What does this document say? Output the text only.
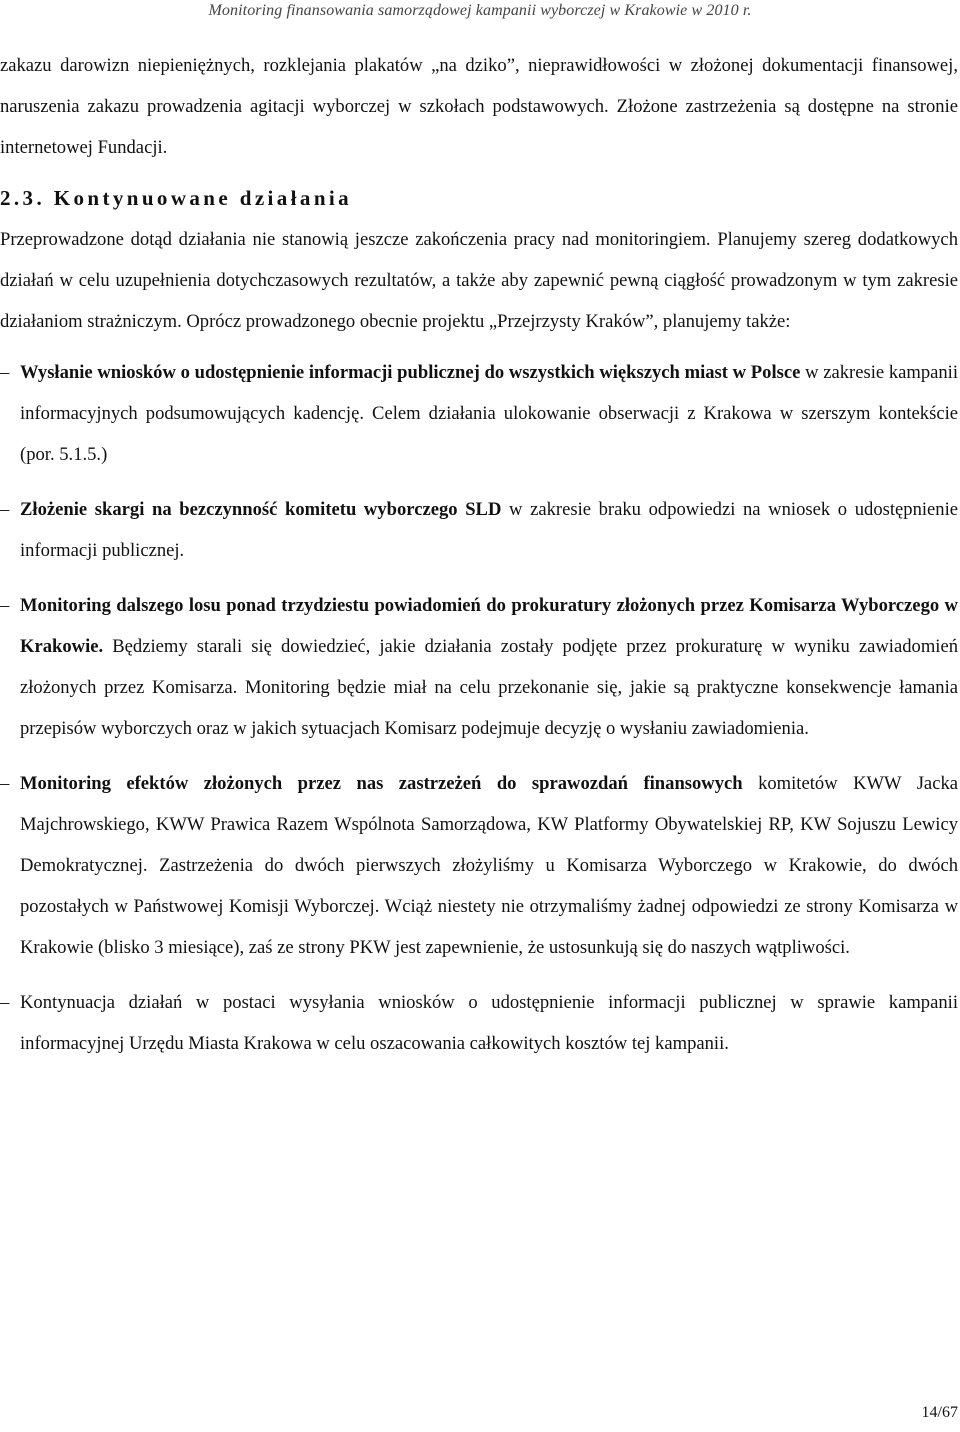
Monitoring finansowania samorządowej kampanii wyborczej w Krakowie w 2010 r.

zakazu darowizn niepieniężnych, rozklejania plakatów „na dziko”, nieprawidłowości w złożonej dokumentacji finansowej, naruszenia zakazu prowadzenia agitacji wyborczej w szkołach podstawowych. Złożone zastrzeżenia są dostępne na stronie internetowej Fundacji.

2.3. Kontynuowane działania

Przeprowadzone dotąd działania nie stanowią jeszcze zakończenia pracy nad monitoringiem. Planujemy szereg dodatkowych działań w celu uzupełnienia dotychczasowych rezultatów, a także aby zapewnić pewną ciągłość prowadzonym w tym zakresie działaniom strażniczym. Oprócz prowadzonego obecnie projektu „Przejrzysty Kraków”, planujemy także:

– Wysłanie wniosków o udostępnienie informacji publicznej do wszystkich większych miast w Polsce w zakresie kampanii informacyjnych podsumowujących kadencję. Celem działania ulokowanie obserwacji z Krakowa w szerszym kontekście (por. 5.1.5.)
– Złożenie skargi na bezczynność komitetu wyborczego SLD w zakresie braku odpowiedzi na wniosek o udostępnienie informacji publicznej.
– Monitoring dalszego losu ponad trzydziestu powiadomień do prokuratury złożonych przez Komisarza Wyborczego w Krakowie. Będziemy starali się dowiedzieć, jakie działania zostały podjęte przez prokuraturę w wyniku zawiadomień złożonych przez Komisarza. Monitoring będzie miał na celu przekonanie się, jakie są praktyczne konsekwencje łamania przepisów wyborczych oraz w jakich sytuacjach Komisarz podejmuje decyzję o wysłaniu zawiadomienia.
– Monitoring efektów złożonych przez nas zastrzeżeń do sprawozdań finansowych komitetów KWW Jacka Majchrowskiego, KWW Prawica Razem Wspólnota Samorządowa, KW Platformy Obywatelskiej RP, KW Sojuszu Lewicy Demokratycznej. Zastrzeżenia do dwóch pierwszych złożyliśmy u Komisarza Wyborczego w Krakowie, do dwóch pozostałych w Państwowej Komisji Wyborczej. Wciąż niestety nie otrzymaliśmy żadnej odpowiedzi ze strony Komisarza w Krakowie (blisko 3 miesiące), zaś ze strony PKW jest zapewnienie, że ustosunkują się do naszych wątpliwości.
– Kontynuacja działań w postaci wysyłania wniosków o udostępnienie informacji publicznej w sprawie kampanii informacyjnej Urzędu Miasta Krakowa w celu oszacowania całkowitych kosztów tej kampanii.
14/67
